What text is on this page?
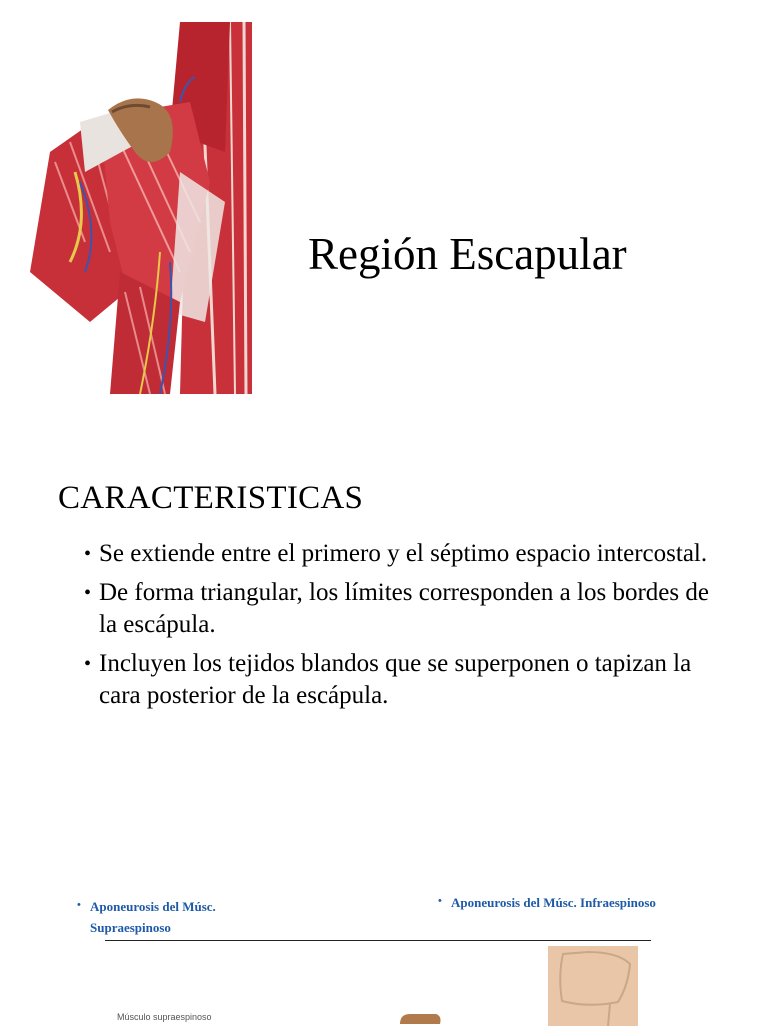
Región Escapular
CARACTERISTICAS
• Se extiende entre el primero y el séptimo espacio intercostal.
• De forma triangular, los límites corresponden a los bordes de la escápula.
• Incluyen los tejidos blandos que se superponen o tapizan la cara posterior de la escápula.
• Aponeurosis del Músc. Supraespinoso
• Aponeurosis del Músc. Infraespinoso
Músculo supraespinoso
